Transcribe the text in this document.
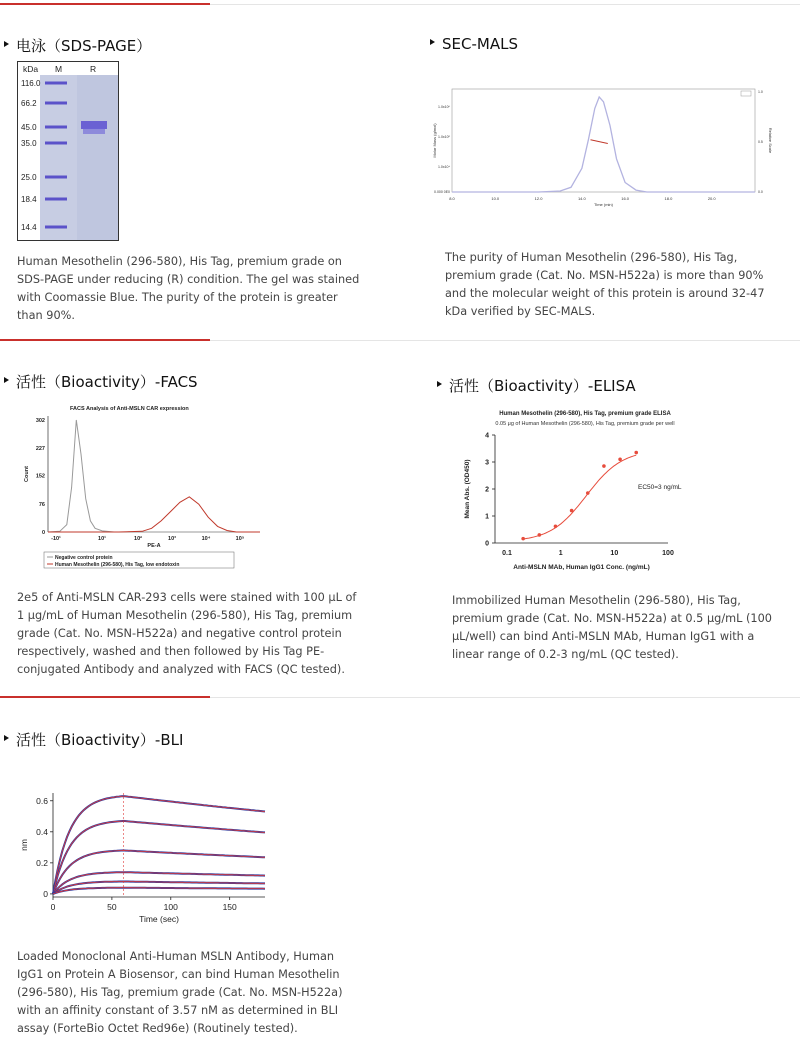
电泳（SDS-PAGE）
kDa M	R
116.0
66.2
45.0
35.0
25.0
18.4
14.4
Human Mesothelin (296-580), His Tag, premium grade on SDS-PAGE under reducing (R) condition. The gel was stained with Coomassie Blue. The purity of the protein is greater than 90%.
SEC-MALS
8.0	10.0	12.0	14.0	16.0	18.0	20.0
0.000 0E0
1.0x10⁴
1.0x10⁵
1.0x10⁶
0.0
0.5
1.0
Time (min)
Molar Mass (g/mol)	Relative Scale
The purity of Human Mesothelin (296-580), His Tag, premium grade (Cat. No. MSN-H522a) is more than 90% and the molecular weight of this protein is around 32-47 kDa verified by SEC-MALS.
活性（Bioactivity）-FACS
FACS Analysis of Anti-MSLN CAR expression
0
76
152
227
302
-10¹	10¹	10²	10³	10⁴	10⁵
PE-A
Count
Negative control protein
Human Mesothelin (296-580), His Tag, low endotoxin
2e5 of Anti-MSLN CAR-293 cells were stained with 100 μL of 1 μg/mL of Human Mesothelin (296-580), His Tag, premium grade (Cat. No. MSN-H522a) and negative control protein respectively, washed and then followed by His Tag PE-conjugated Antibody and analyzed with FACS (QC tested).
活性（Bioactivity）-ELISA
Human Mesothelin (296-580), His Tag, premium grade ELISA
0.05 μg of Human Mesothelin (296-580), His Tag, premium grade per well
0
1
2
3
4
0.1	1	10	100
Anti-MSLN MAb, Human IgG1 Conc. (ng/mL)
Mean Abs. (OD450)	EC50=3 ng/mL
Immobilized Human Mesothelin (296-580), His Tag, premium grade (Cat. No. MSN-H522a) at 0.5 μg/mL (100 μL/well) can bind Anti-MSLN MAb, Human IgG1 with a linear range of 0.2-3 ng/mL (QC tested).
活性（Bioactivity）-BLI
0
0.2
0.4
0.6
0	50	100	150
Time (sec)
nm
Loaded Monoclonal Anti-Human MSLN Antibody, Human IgG1 on Protein A Biosensor, can bind Human Mesothelin (296-580), His Tag, premium grade (Cat. No. MSN-H522a) with an affinity constant of 3.57 nM as determined in BLI assay (ForteBio Octet Red96e) (Routinely tested).
